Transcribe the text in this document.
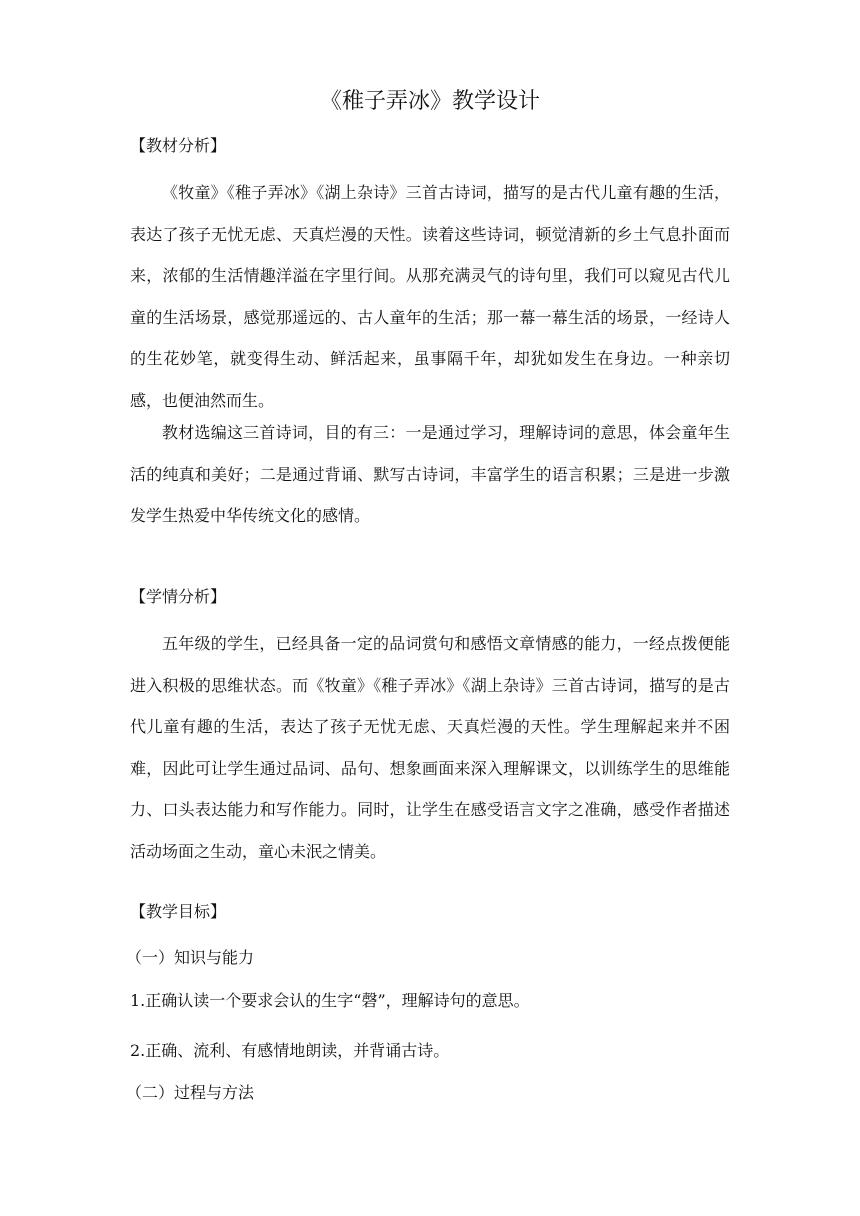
《稚子弄冰》教学设计

【教材分析】

《牧童》《稚子弄冰》《湖上杂诗》三首古诗词，描写的是古代儿童有趣的生活，表达了孩子无忧无虑、天真烂漫的天性。读着这些诗词，顿觉清新的乡土气息扑面而来，浓郁的生活情趣洋溢在字里行间。从那充满灵气的诗句里，我们可以窥见古代儿童的生活场景，感觉那遥远的、古人童年的生活；那一幕一幕生活的场景，一经诗人的生花妙笔，就变得生动、鲜活起来，虽事隔千年，却犹如发生在身边。一种亲切感，也便油然而生。

教材选编这三首诗词，目的有三：一是通过学习，理解诗词的意思，体会童年生活的纯真和美好；二是通过背诵、默写古诗词，丰富学生的语言积累；三是进一步激发学生热爱中华传统文化的感情。

【学情分析】

五年级的学生，已经具备一定的品词赏句和感悟文章情感的能力，一经点拨便能进入积极的思维状态。而《牧童》《稚子弄冰》《湖上杂诗》三首古诗词，描写的是古代儿童有趣的生活，表达了孩子无忧无虑、天真烂漫的天性。学生理解起来并不困难，因此可让学生通过品词、品句、想象画面来深入理解课文，以训练学生的思维能力、口头表达能力和写作能力。同时，让学生在感受语言文字之准确，感受作者描述活动场面之生动，童心未泯之情美。

【教学目标】

（一）知识与能力

1.正确认读一个要求会认的生字“磬”，理解诗句的意思。

2.正确、流利、有感情地朗读，并背诵古诗。

（二）过程与方法
